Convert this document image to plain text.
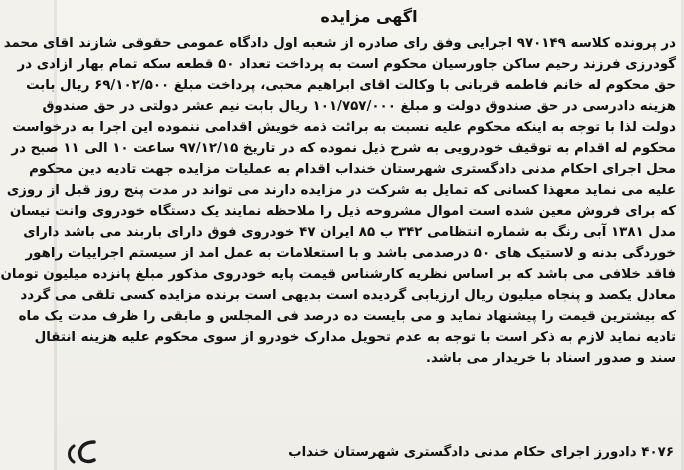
اگهی مزایده

در پرونده کلاسه ۹۷۰۱۴۹ اجرایی وفق رای صادره از شعبه اول دادگاه عمومی حقوقی شازند اقای محمد

گودرزی فرزند رحیم ساکن جاورسیان محکوم است به پرداخت تعداد ۵۰ قطعه سکه تمام بهار ازادی در

حق محکوم له خانم فاطمه قربانی با وکالت اقای ابراهیم محبی، پرداخت مبلغ ۶۹/۱۰۲/۵۰۰ ریال بابت

هزینه دادرسی در حق صندوق دولت و مبلغ ۱۰۱/۷۵۷/۰۰۰ ریال بابت نیم عشر دولتی در حق صندوق

دولت لذا با توجه به اینکه محکوم علیه نسبت به برائت ذمه خویش اقدامی ننموده این اجرا به درخواست

محکوم له اقدام به توقیف خودرویی به شرح ذیل نموده که در تاریخ ۹۷/۱۲/۱۵ ساعت ۱۰ الی ۱۱ صبح در

محل اجرای احکام مدنی دادگستری شهرستان خنداب اقدام به عملیات مزایده جهت تادیه دین محکوم

علیه می نماید معهذا کسانی که تمایل به شرکت در مزایده دارند می تواند در مدت پنج روز قبل از روزی

که برای فروش معین شده است اموال مشروحه ذیل را ملاحظه نمایند یک دستگاه خودروی وانت نیسان

مدل ۱۳۸۱ آبی رنگ به شماره انتظامی ۳۴۲ ب ۸۵ ایران ۴۷ خودروی فوق دارای باربند می باشد دارای

خوردگی بدنه و لاستیک های ۵۰ درصدمی باشد و با استعلامات به عمل امد از سیستم اجراییات راهور

فاقد خلافی می باشد که بر اساس نظریه کارشناس قیمت پایه خودروی مذکور مبلغ پانزده میلیون تومان

معادل یکصد و پنجاه میلیون ریال ارزیابی گردیده است بدیهی است برنده مزایده کسی تلقی می گردد

که بیشترین قیمت را پیشنهاد نماید و می بایست ده درصد فی المجلس و مابقی را ظرف مدت یک ماه

تادیه نماید لازم به ذکر است با توجه به عدم تحویل مدارک خودرو از سوی محکوم علیه هزینه انتقال

سند و صدور اسناد با خریدار می باشد.

۴۰۷۶ دادورز اجرای حکام مدنی دادگستری شهرستان خنداب
